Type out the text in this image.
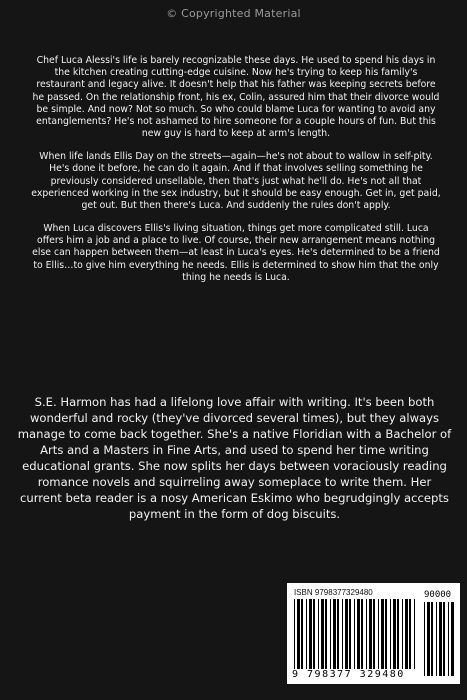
© Copyrighted Material

Chef Luca Alessi's life is barely recognizable these days. He used to spend his days in the kitchen creating cutting-edge cuisine. Now he's trying to keep his family's restaurant and legacy alive. It doesn't help that his father was keeping secrets before he passed. On the relationship front, his ex, Colin, assured him that their divorce would be simple. And now? Not so much. So who could blame Luca for wanting to avoid any entanglements? He's not ashamed to hire someone for a couple hours of fun. But this new guy is hard to keep at arm's length.

When life lands Ellis Day on the streets—again—he's not about to wallow in self-pity. He's done it before, he can do it again. And if that involves selling something he previously considered unsellable, then that's just what he'll do. He's not all that experienced working in the sex industry, but it should be easy enough. Get in, get paid, get out. But then there's Luca. And suddenly the rules don't apply.

When Luca discovers Ellis's living situation, things get more complicated still. Luca offers him a job and a place to live. Of course, their new arrangement means nothing else can happen between them—at least in Luca's eyes. He's determined to be a friend to Ellis…to give him everything he needs. Ellis is determined to show him that the only thing he needs is Luca.

S.E. Harmon has had a lifelong love affair with writing. It's been both wonderful and rocky (they've divorced several times), but they always manage to come back together. She's a native Floridian with a Bachelor of Arts and a Masters in Fine Arts, and used to spend her time writing educational grants. She now splits her days between voraciously reading romance novels and squirreling away someplace to write them. Her current beta reader is a nosy American Eskimo who begrudgingly accepts payment in the form of dog biscuits.
ISBN 9798377329480
9 798377 329480
90000
